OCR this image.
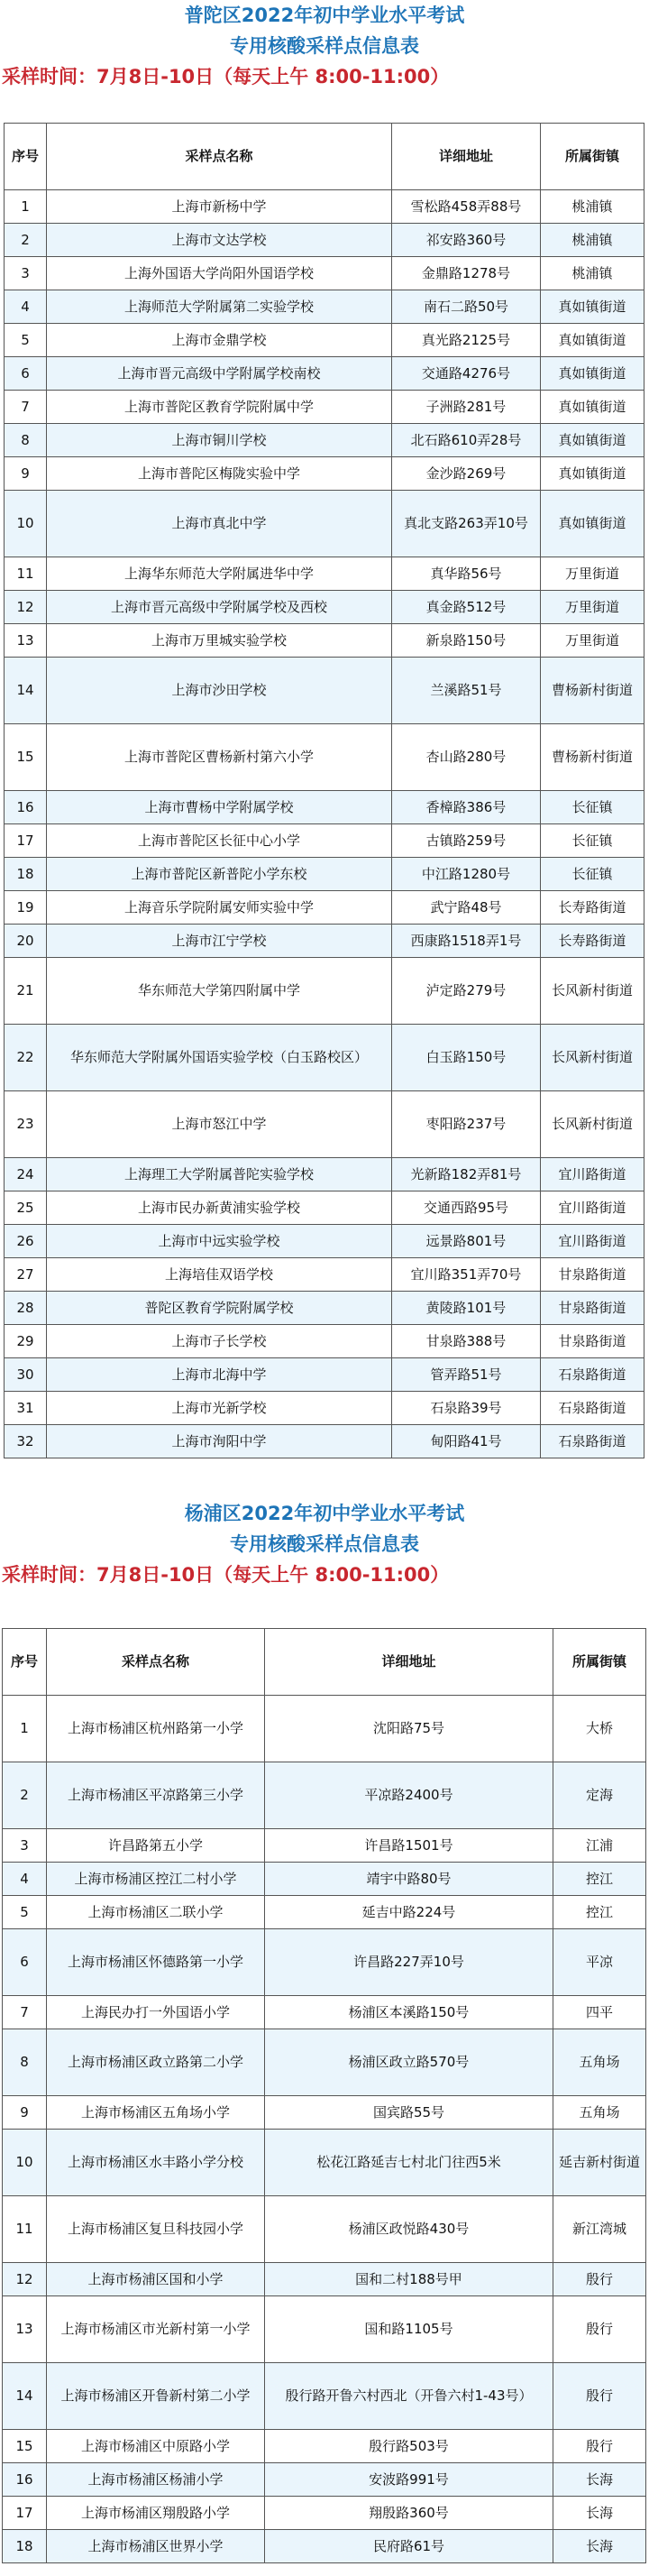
普陀区2022年初中学业水平考试
专用核酸采样点信息表

采样时间：7月8日-10日（每天上午 8:00-11:00）

序号	采样点名称	详细地址	所属街镇
1	上海市新杨中学	雪松路458弄88号	桃浦镇
2	上海市文达学校	祁安路360号	桃浦镇
3	上海外国语大学尚阳外国语学校	金鼎路1278号	桃浦镇
4	上海师范大学附属第二实验学校	南石二路50号	真如镇街道
5	上海市金鼎学校	真光路2125号	真如镇街道
6	上海市晋元高级中学附属学校南校	交通路4276号	真如镇街道
7	上海市普陀区教育学院附属中学	子洲路281号	真如镇街道
8	上海市铜川学校	北石路610弄28号	真如镇街道
9	上海市普陀区梅陇实验中学	金沙路269号	真如镇街道
10	上海市真北中学	真北支路263弄10号	真如镇街道
11	上海华东师范大学附属进华中学	真华路56号	万里街道
12	上海市晋元高级中学附属学校及西校	真金路512号	万里街道
13	上海市万里城实验学校	新泉路150号	万里街道
14	上海市沙田学校	兰溪路51号	曹杨新村街道
15	上海市普陀区曹杨新村第六小学	杏山路280号	曹杨新村街道
16	上海市曹杨中学附属学校	香樟路386号	长征镇
17	上海市普陀区长征中心小学	古镇路259号	长征镇
18	上海市普陀区新普陀小学东校	中江路1280号	长征镇
19	上海音乐学院附属安师实验中学	武宁路48号	长寿路街道
20	上海市江宁学校	西康路1518弄1号	长寿路街道
21	华东师范大学第四附属中学	泸定路279号	长风新村街道
22	华东师范大学附属外国语实验学校（白玉路校区）	白玉路150号	长风新村街道
23	上海市怒江中学	枣阳路237号	长风新村街道
24	上海理工大学附属普陀实验学校	光新路182弄81号	宜川路街道
25	上海市民办新黄浦实验学校	交通西路95号	宜川路街道
26	上海市中远实验学校	远景路801号	宜川路街道
27	上海培佳双语学校	宜川路351弄70号	甘泉路街道
28	普陀区教育学院附属学校	黄陵路101号	甘泉路街道
29	上海市子长学校	甘泉路388号	甘泉路街道
30	上海市北海中学	管弄路51号	石泉路街道
31	上海市光新学校	石泉路39号	石泉路街道
32	上海市洵阳中学	甸阳路41号	石泉路街道
杨浦区2022年初中学业水平考试
专用核酸采样点信息表

采样时间：7月8日-10日（每天上午 8:00-11:00）

序号	采样点名称	详细地址	所属街镇
1	上海市杨浦区杭州路第一小学	沈阳路75号	大桥
2	上海市杨浦区平凉路第三小学	平凉路2400号	定海
3	许昌路第五小学	许昌路1501号	江浦
4	上海市杨浦区控江二村小学	靖宇中路80号	控江
5	上海市杨浦区二联小学	延吉中路224号	控江
6	上海市杨浦区怀德路第一小学	许昌路227弄10号	平凉
7	上海民办打一外国语小学	杨浦区本溪路150号	四平
8	上海市杨浦区政立路第二小学	杨浦区政立路570号	五角场
9	上海市杨浦区五角场小学	国宾路55号	五角场
10	上海市杨浦区水丰路小学分校	松花江路延吉七村北门往西5米	延吉新村街道
11	上海市杨浦区复旦科技园小学	杨浦区政悦路430号	新江湾城
12	上海市杨浦区国和小学	国和二村188号甲	殷行
13	上海市杨浦区市光新村第一小学	国和路1105号	殷行
14	上海市杨浦区开鲁新村第二小学	殷行路开鲁六村西北（开鲁六村1-43号）	殷行
15	上海市杨浦区中原路小学	殷行路503号	殷行
16	上海市杨浦区杨浦小学	安波路991号	长海
17	上海市杨浦区翔殷路小学	翔殷路360号	长海
18	上海市杨浦区世界小学	民府路61号	长海
